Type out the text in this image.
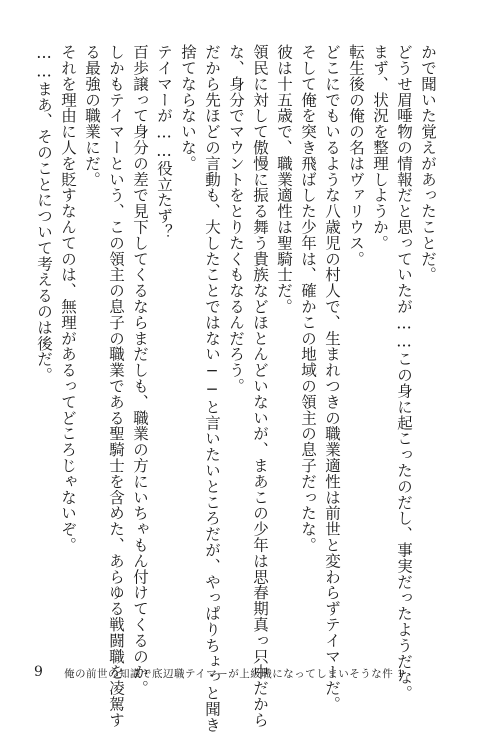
かで聞いた覚えがあったことだ。

どうせ眉唾物の情報だと思っていたが……この身に起こったのだし、事実だったようだな。

まず、状況を整理しようか。

転生後の俺の名はヴァリウス。

どこにでもいるような八歳児の村人で、生まれつきの職業適性は前世と変わらずテイマーだ。

そして俺を突き飛ばした少年は、確かこの地域の領主の息子だったな。

彼は十五歳で、職業適性は聖騎士だ。

領民に対して傲慢に振る舞う貴族などほとんどいないが、まあこの少年は思春期真っ只中だから

な、身分でマウントをとりたくもなるんだろう。

だから先ほどの言動も、大したことではない──と言いたいところだが、やっぱりちょっと聞き

捨てならないな。

テイマーが……役立たず？

百歩譲って身分の差で見下してくるならまだしも、職業の方にいちゃもん付けてくるのか。

しかもテイマーという、この領主の息子の職業である聖騎士を含めた、あらゆる戦闘職を凌駕す

る最強の職業にだ。

それを理由に人を貶すなんてのは、無理があるってどころじゃないぞ。

……まあ、そのことについて考えるのは後だ。

9 俺の前世の知識で底辺職テイマーが上級職になってしまいそうな件 1
